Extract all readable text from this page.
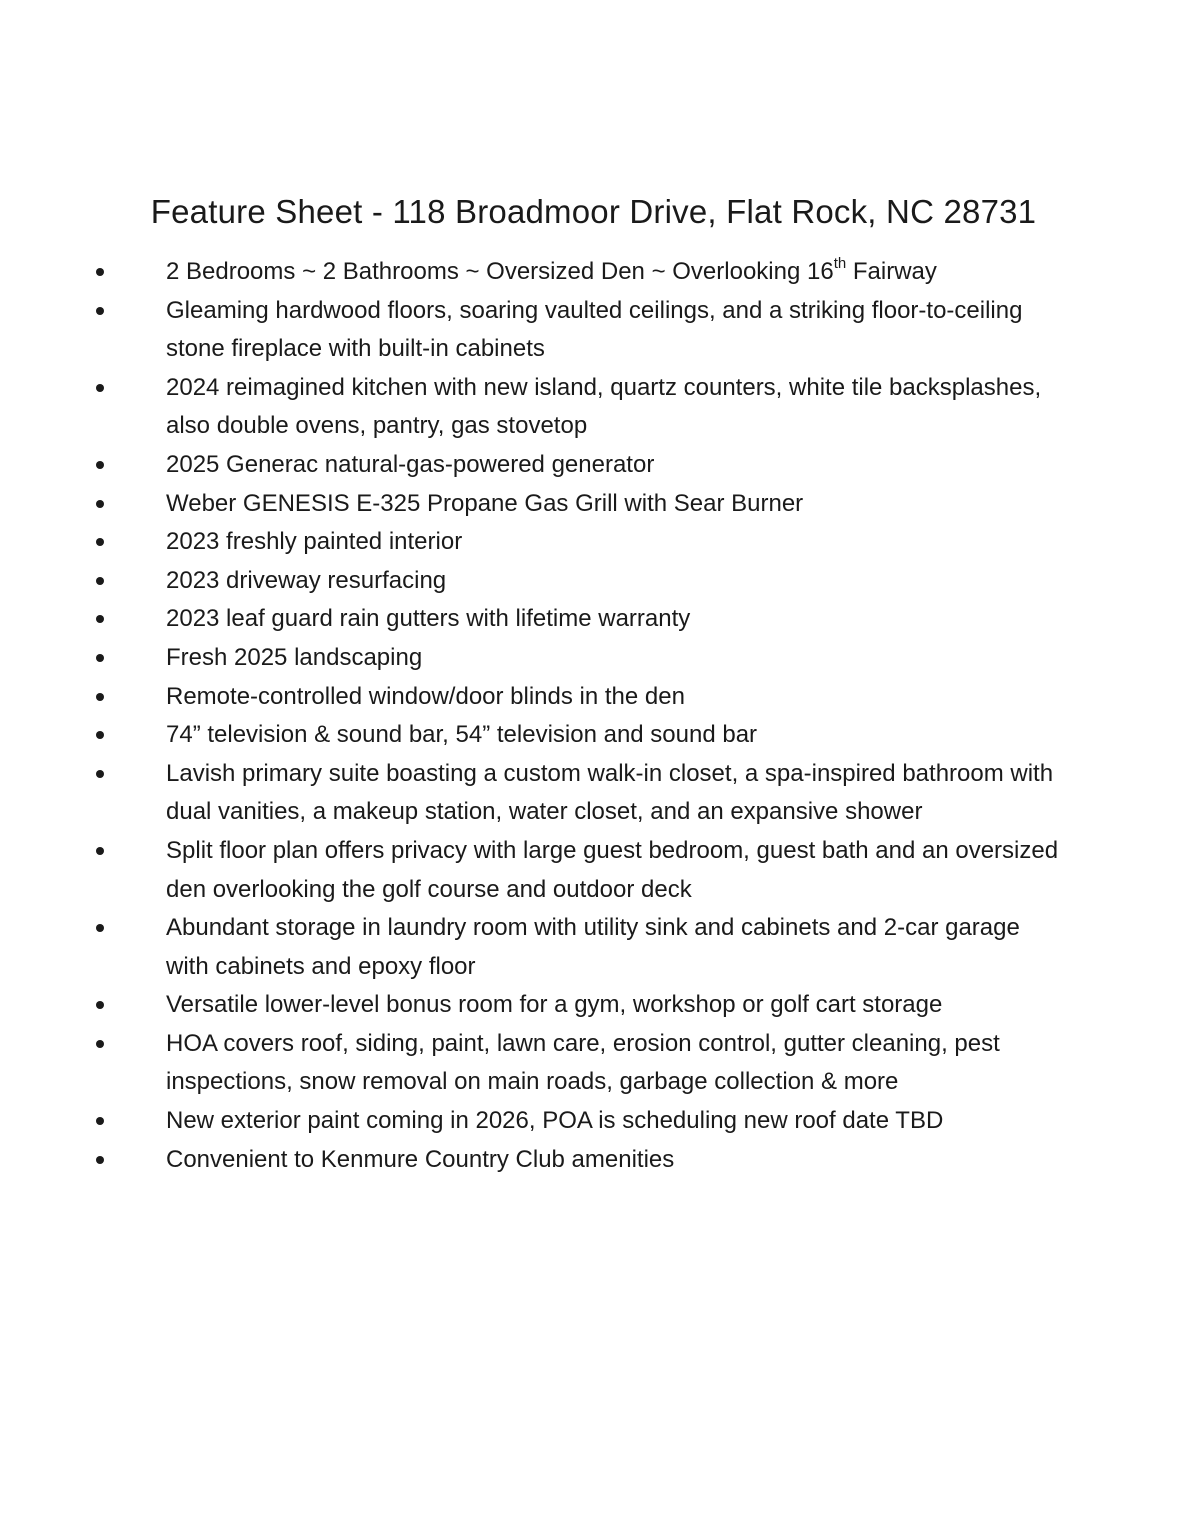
Feature Sheet - 118 Broadmoor Drive, Flat Rock, NC 28731
2 Bedrooms ~ 2 Bathrooms ~ Oversized Den ~ Overlooking 16th Fairway
Gleaming hardwood floors, soaring vaulted ceilings, and a striking floor-to-ceiling stone fireplace with built-in cabinets
2024 reimagined kitchen with new island, quartz counters, white tile backsplashes, also double ovens, pantry, gas stovetop
2025 Generac natural-gas-powered generator
Weber GENESIS E-325 Propane Gas Grill with Sear Burner
2023 freshly painted interior
2023 driveway resurfacing
2023 leaf guard rain gutters with lifetime warranty
Fresh 2025 landscaping
Remote-controlled window/door blinds in the den
74” television & sound bar, 54” television and sound bar
Lavish primary suite boasting a custom walk-in closet, a spa-inspired bathroom with dual vanities, a makeup station, water closet, and an expansive shower
Split floor plan offers privacy with large guest bedroom, guest bath and an oversized den overlooking the golf course and outdoor deck
Abundant storage in laundry room with utility sink and cabinets and 2-car garage with cabinets and epoxy floor
Versatile lower-level bonus room for a gym, workshop or golf cart storage
HOA covers roof, siding, paint, lawn care, erosion control, gutter cleaning, pest inspections, snow removal on main roads, garbage collection & more
New exterior paint coming in 2026, POA is scheduling new roof date TBD
Convenient to Kenmure Country Club amenities
